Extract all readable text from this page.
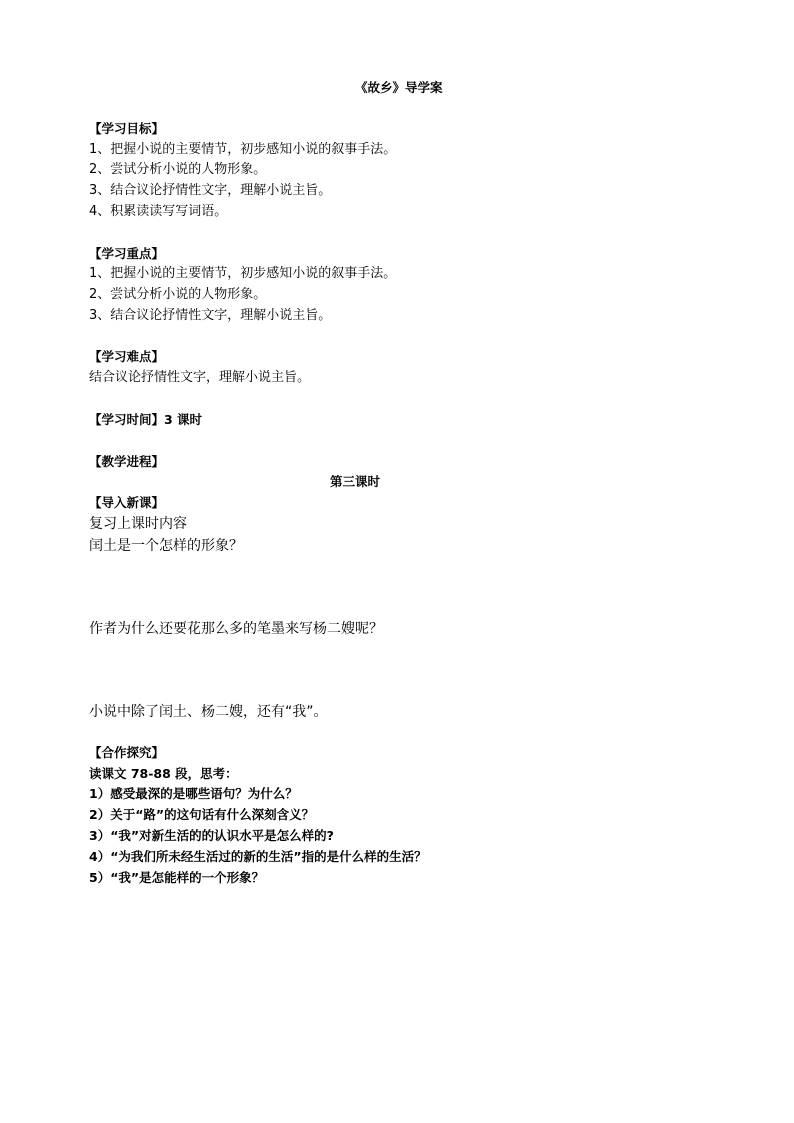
《故乡》导学案
【学习目标】
1、把握小说的主要情节，初步感知小说的叙事手法。
2、尝试分析小说的人物形象。
3、结合议论抒情性文字，理解小说主旨。
4、积累读读写写词语。
【学习重点】
1、把握小说的主要情节，初步感知小说的叙事手法。
2、尝试分析小说的人物形象。
3、结合议论抒情性文字，理解小说主旨。
【学习难点】
结合议论抒情性文字，理解小说主旨。
【学习时间】3 课时
【教学进程】
第三课时
【导入新课】
复习上课时内容
闰土是一个怎样的形象？
作者为什么还要花那么多的笔墨来写杨二嫂呢？
小说中除了闰土、杨二嫂，还有“我”。
【合作探究】
读课文 78-88 段，思考：
1）感受最深的是哪些语句？为什么？
2）关于“路”的这句话有什么深刻含义？
3）“我”对新生活的的认识水平是怎么样的?
4）“为我们所未经生活过的新的生活”指的是什么样的生活？
5）“我”是怎能样的一个形象？
